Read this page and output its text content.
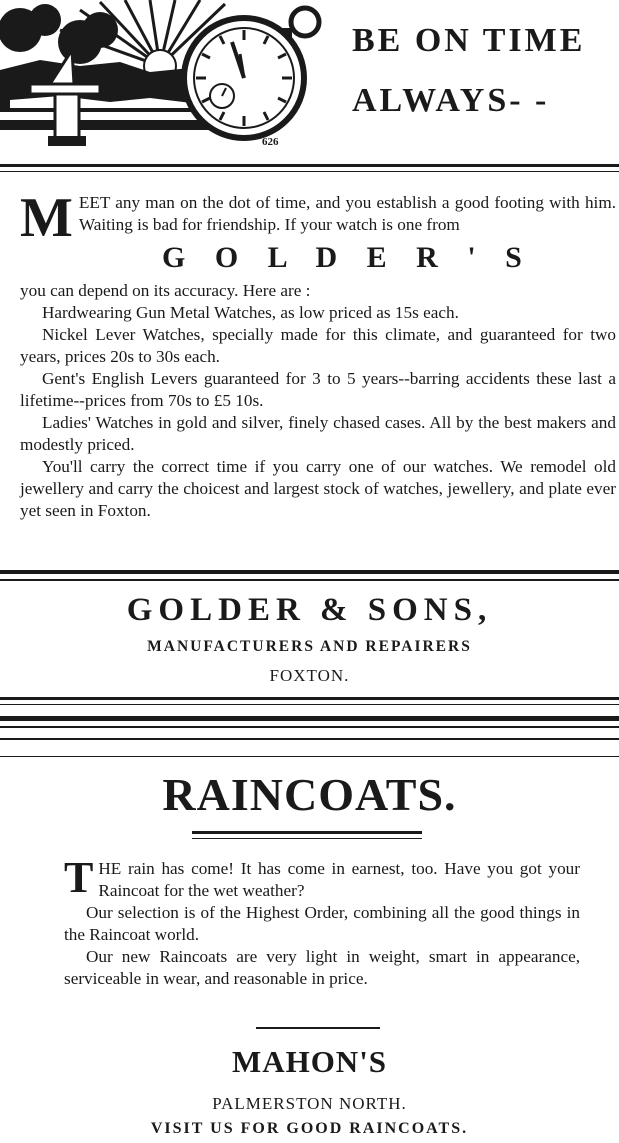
626
BE ON TIME
ALWAYS- -

M EET any man on the dot of time, and you establish a good footing with him. Waiting is bad for friendship. If your watch is one from

G O L D E R ' S

you can depend on its accuracy. Here are :

Hardwearing Gun Metal Watches, as low priced as 15s each.

Nickel Lever Watches, specially made for this climate, and guaranteed for two years, prices 20s to 30s each.

Gent's English Levers guaranteed for 3 to 5 years--barring accidents these last a lifetime--prices from 70s to £5 10s.

Ladies' Watches in gold and silver, finely chased cases. All by the best makers and modestly priced.

You'll carry the correct time if you carry one of our watches. We remodel old jewellery and carry the choicest and largest stock of watches, jewellery, and plate ever yet seen in Foxton.

GOLDER & SONS,
MANUFACTURERS AND REPAIRERS
FOXTON.
RAINCOATS.

T HE rain has come! It has come in earnest, too. Have you got your Raincoat for the wet weather?

Our selection is of the Highest Order, combining all the good things in the Raincoat world.

Our new Raincoats are very light in weight, smart in appearance, serviceable in wear, and reasonable in price.

MAHON'S
PALMERSTON NORTH.
VISIT US FOR GOOD RAINCOATS.
